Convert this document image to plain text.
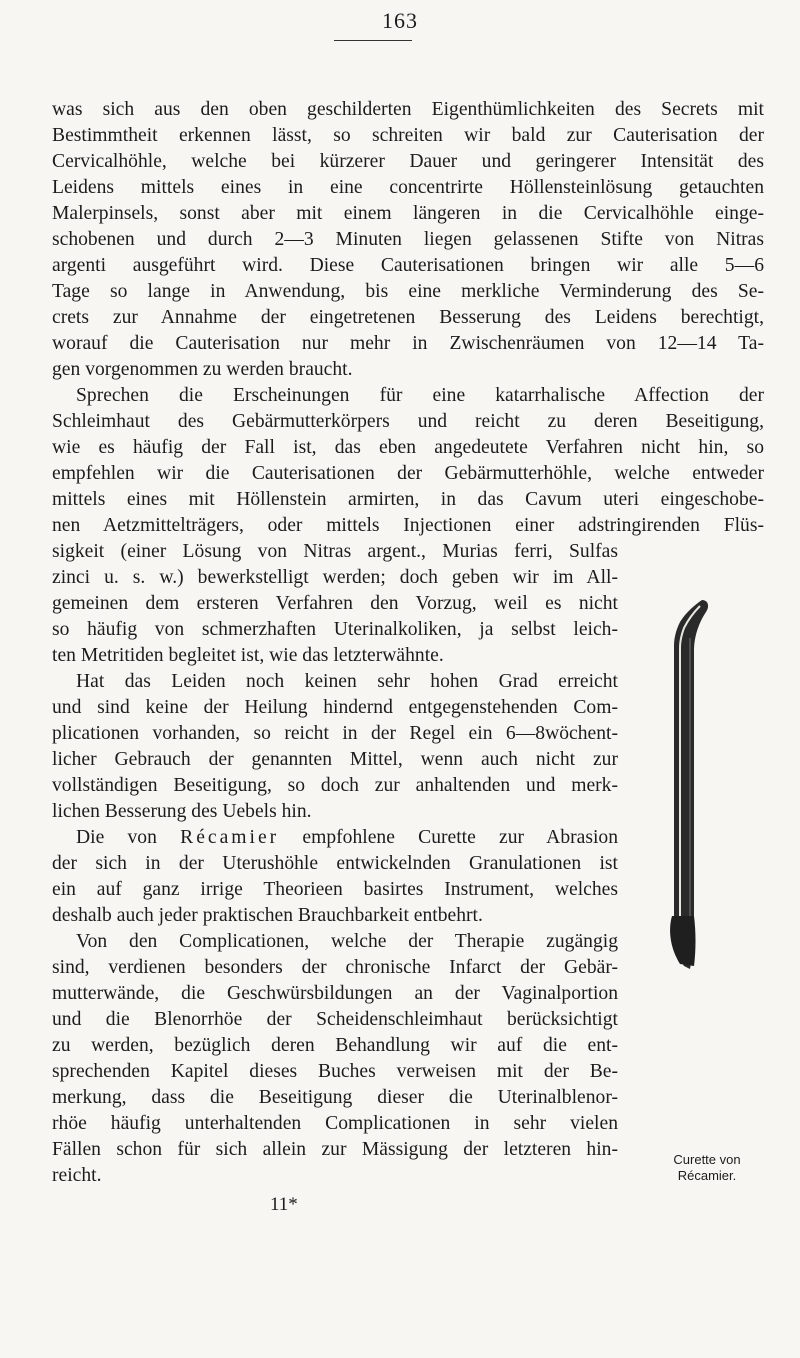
163
was sich aus den oben geschilderten Eigenthümlichkeiten des Secrets mit
Bestimmtheit erkennen lässt, so schreiten wir bald zur Cauterisation der
Cervicalhöhle, welche bei kürzerer Dauer und geringerer Intensität des
Leidens mittels eines in eine concentrirte Höllensteinlösung getauchten
Malerpinsels, sonst aber mit einem längeren in die Cervicalhöhle einge-
schobenen und durch 2—3 Minuten liegen gelassenen Stifte von Nitras
argenti ausgeführt wird. Diese Cauterisationen bringen wir alle 5—6
Tage so lange in Anwendung, bis eine merkliche Verminderung des Se-
crets zur Annahme der eingetretenen Besserung des Leidens berechtigt,
worauf die Cauterisation nur mehr in Zwischenräumen von 12—14 Ta-
gen vorgenommen zu werden braucht.
Sprechen die Erscheinungen für eine katarrhalische Affection der
Schleimhaut des Gebärmutterkörpers und reicht zu deren Beseitigung,
wie es häufig der Fall ist, das eben angedeutete Verfahren nicht hin, so
empfehlen wir die Cauterisationen der Gebärmutterhöhle, welche entweder
mittels eines mit Höllenstein armirten, in das Cavum uteri eingeschobe-
nen Aetzmittelträgers, oder mittels Injectionen einer adstringirenden Flüs-
sigkeit (einer Lösung von Nitras argent., Murias ferri, Sulfas
zinci u. s. w.) bewerkstelligt werden; doch geben wir im All-
gemeinen dem ersteren Verfahren den Vorzug, weil es nicht
so häufig von schmerzhaften Uterinalkoliken, ja selbst leich-
ten Metritiden begleitet ist, wie das letzterwähnte.
Hat das Leiden noch keinen sehr hohen Grad erreicht
und sind keine der Heilung hindernd entgegenstehenden Com-
plicationen vorhanden, so reicht in der Regel ein 6—8wöchent-
licher Gebrauch der genannten Mittel, wenn auch nicht zur
vollständigen Beseitigung, so doch zur anhaltenden und merk-
lichen Besserung des Uebels hin.
Die von Récamier empfohlene Curette zur Abrasion
der sich in der Uterushöhle entwickelnden Granulationen ist
ein auf ganz irrige Theorieen basirtes Instrument, welches
deshalb auch jeder praktischen Brauchbarkeit entbehrt.
Von den Complicationen, welche der Therapie zugängig
sind, verdienen besonders der chronische Infarct der Gebär-
mutterwände, die Geschwürsbildungen an der Vaginalportion
und die Blenorrhöe der Scheidenschleimhaut berücksichtigt
zu werden, bezüglich deren Behandlung wir auf die ent-
sprechenden Kapitel dieses Buches verweisen mit der Be-
merkung, dass die Beseitigung dieser die Uterinalblenor-
rhöe häufig unterhaltenden Complicationen in sehr vielen
Fällen schon für sich allein zur Mässigung der letzteren hin-
reicht.
Curette von
Récamier.
11*
